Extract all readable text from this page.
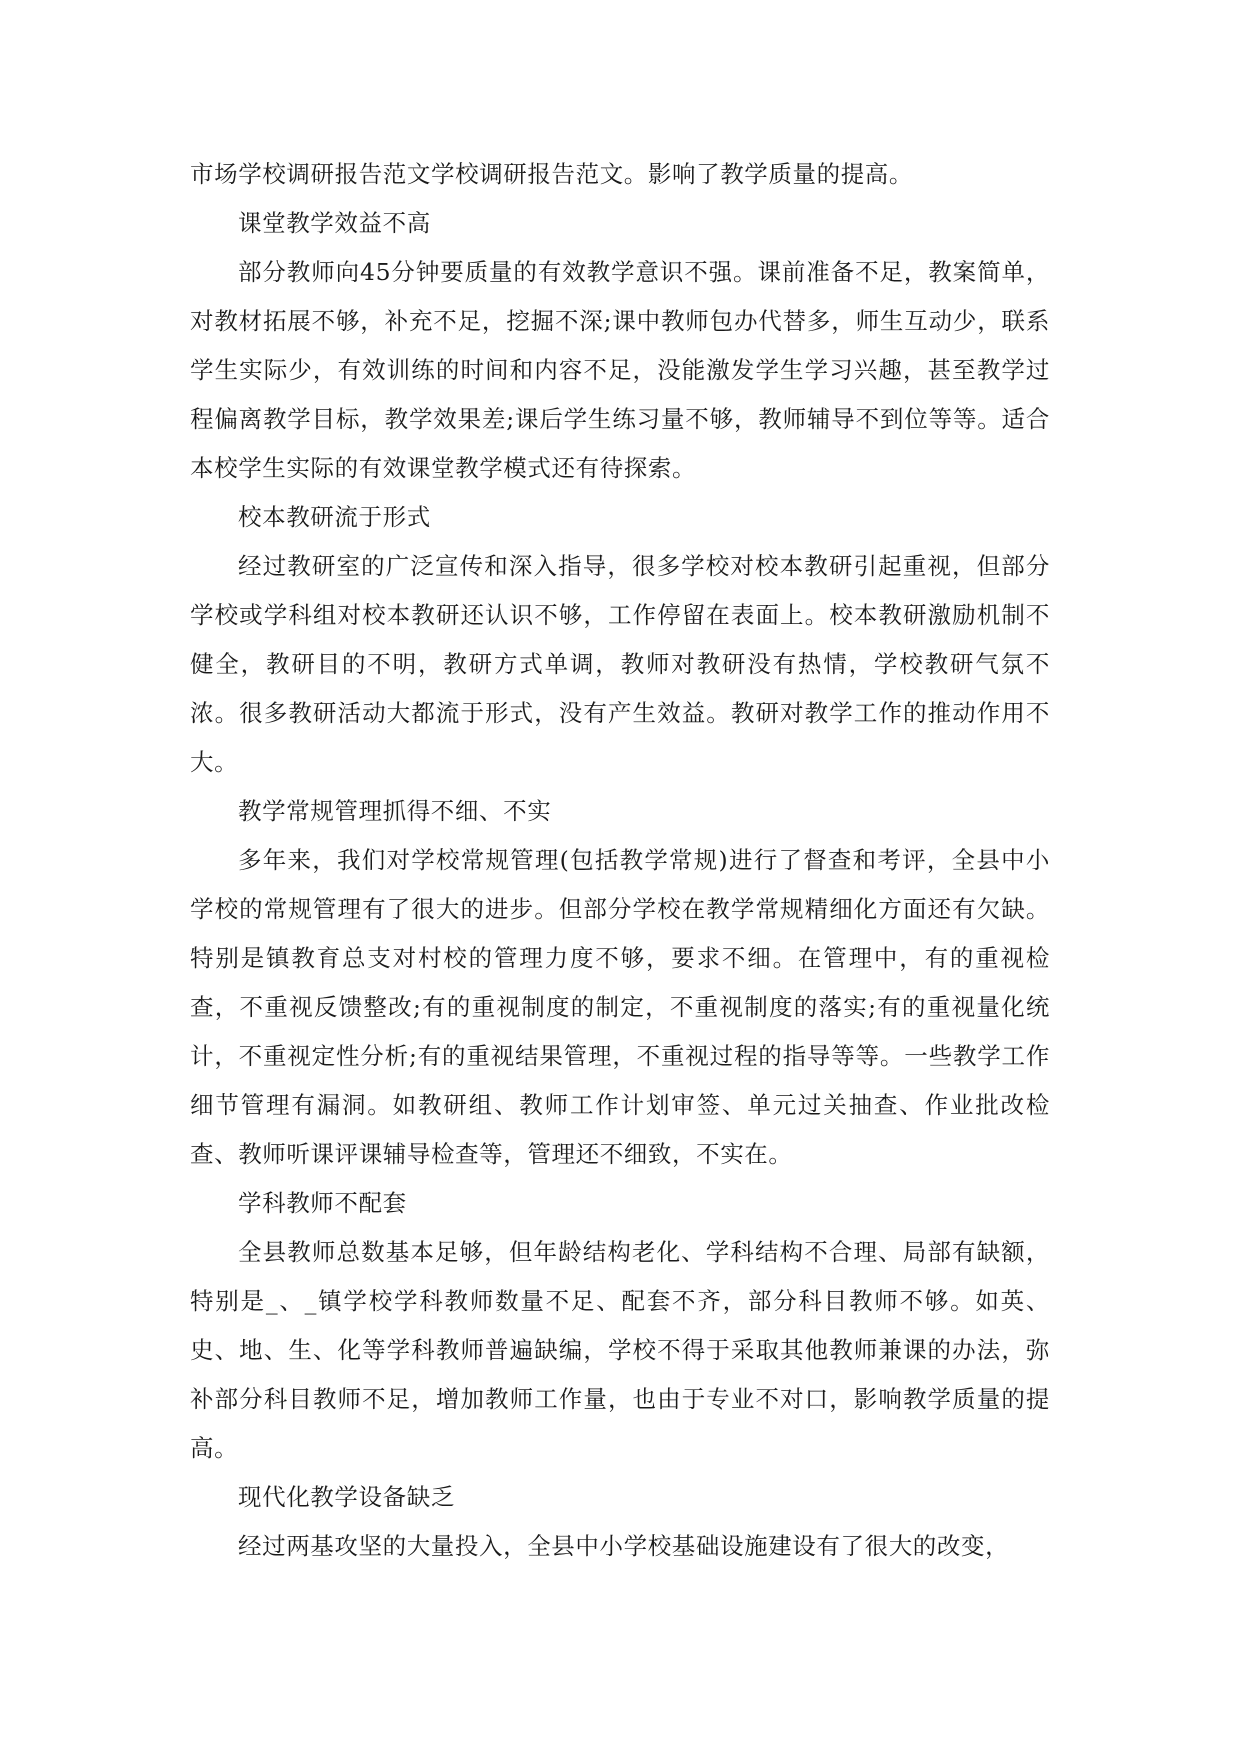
市场学校调研报告范文学校调研报告范文。影响了教学质量的提高。

课堂教学效益不高

部分教师向45分钟要质量的有效教学意识不强。课前准备不足，教案简单，对教材拓展不够，补充不足，挖掘不深;课中教师包办代替多，师生互动少，联系学生实际少，有效训练的时间和内容不足，没能激发学生学习兴趣，甚至教学过程偏离教学目标，教学效果差;课后学生练习量不够，教师辅导不到位等等。适合本校学生实际的有效课堂教学模式还有待探索。

校本教研流于形式

经过教研室的广泛宣传和深入指导，很多学校对校本教研引起重视，但部分学校或学科组对校本教研还认识不够，工作停留在表面上。校本教研激励机制不健全，教研目的不明，教研方式单调，教师对教研没有热情，学校教研气氛不浓。很多教研活动大都流于形式，没有产生效益。教研对教学工作的推动作用不大。

教学常规管理抓得不细、不实

多年来，我们对学校常规管理(包括教学常规)进行了督查和考评，全县中小学校的常规管理有了很大的进步。但部分学校在教学常规精细化方面还有欠缺。特别是镇教育总支对村校的管理力度不够，要求不细。在管理中，有的重视检查，不重视反馈整改;有的重视制度的制定，不重视制度的落实;有的重视量化统计，不重视定性分析;有的重视结果管理，不重视过程的指导等等。一些教学工作细节管理有漏洞。如教研组、教师工作计划审签、单元过关抽查、作业批改检查、教师听课评课辅导检查等，管理还不细致，不实在。

学科教师不配套

全县教师总数基本足够，但年龄结构老化、学科结构不合理、局部有缺额，特别是_、_镇学校学科教师数量不足、配套不齐，部分科目教师不够。如英、史、地、生、化等学科教师普遍缺编，学校不得于采取其他教师兼课的办法，弥补部分科目教师不足，增加教师工作量，也由于专业不对口，影响教学质量的提高。

现代化教学设备缺乏

经过两基攻坚的大量投入，全县中小学校基础设施建设有了很大的改变，
